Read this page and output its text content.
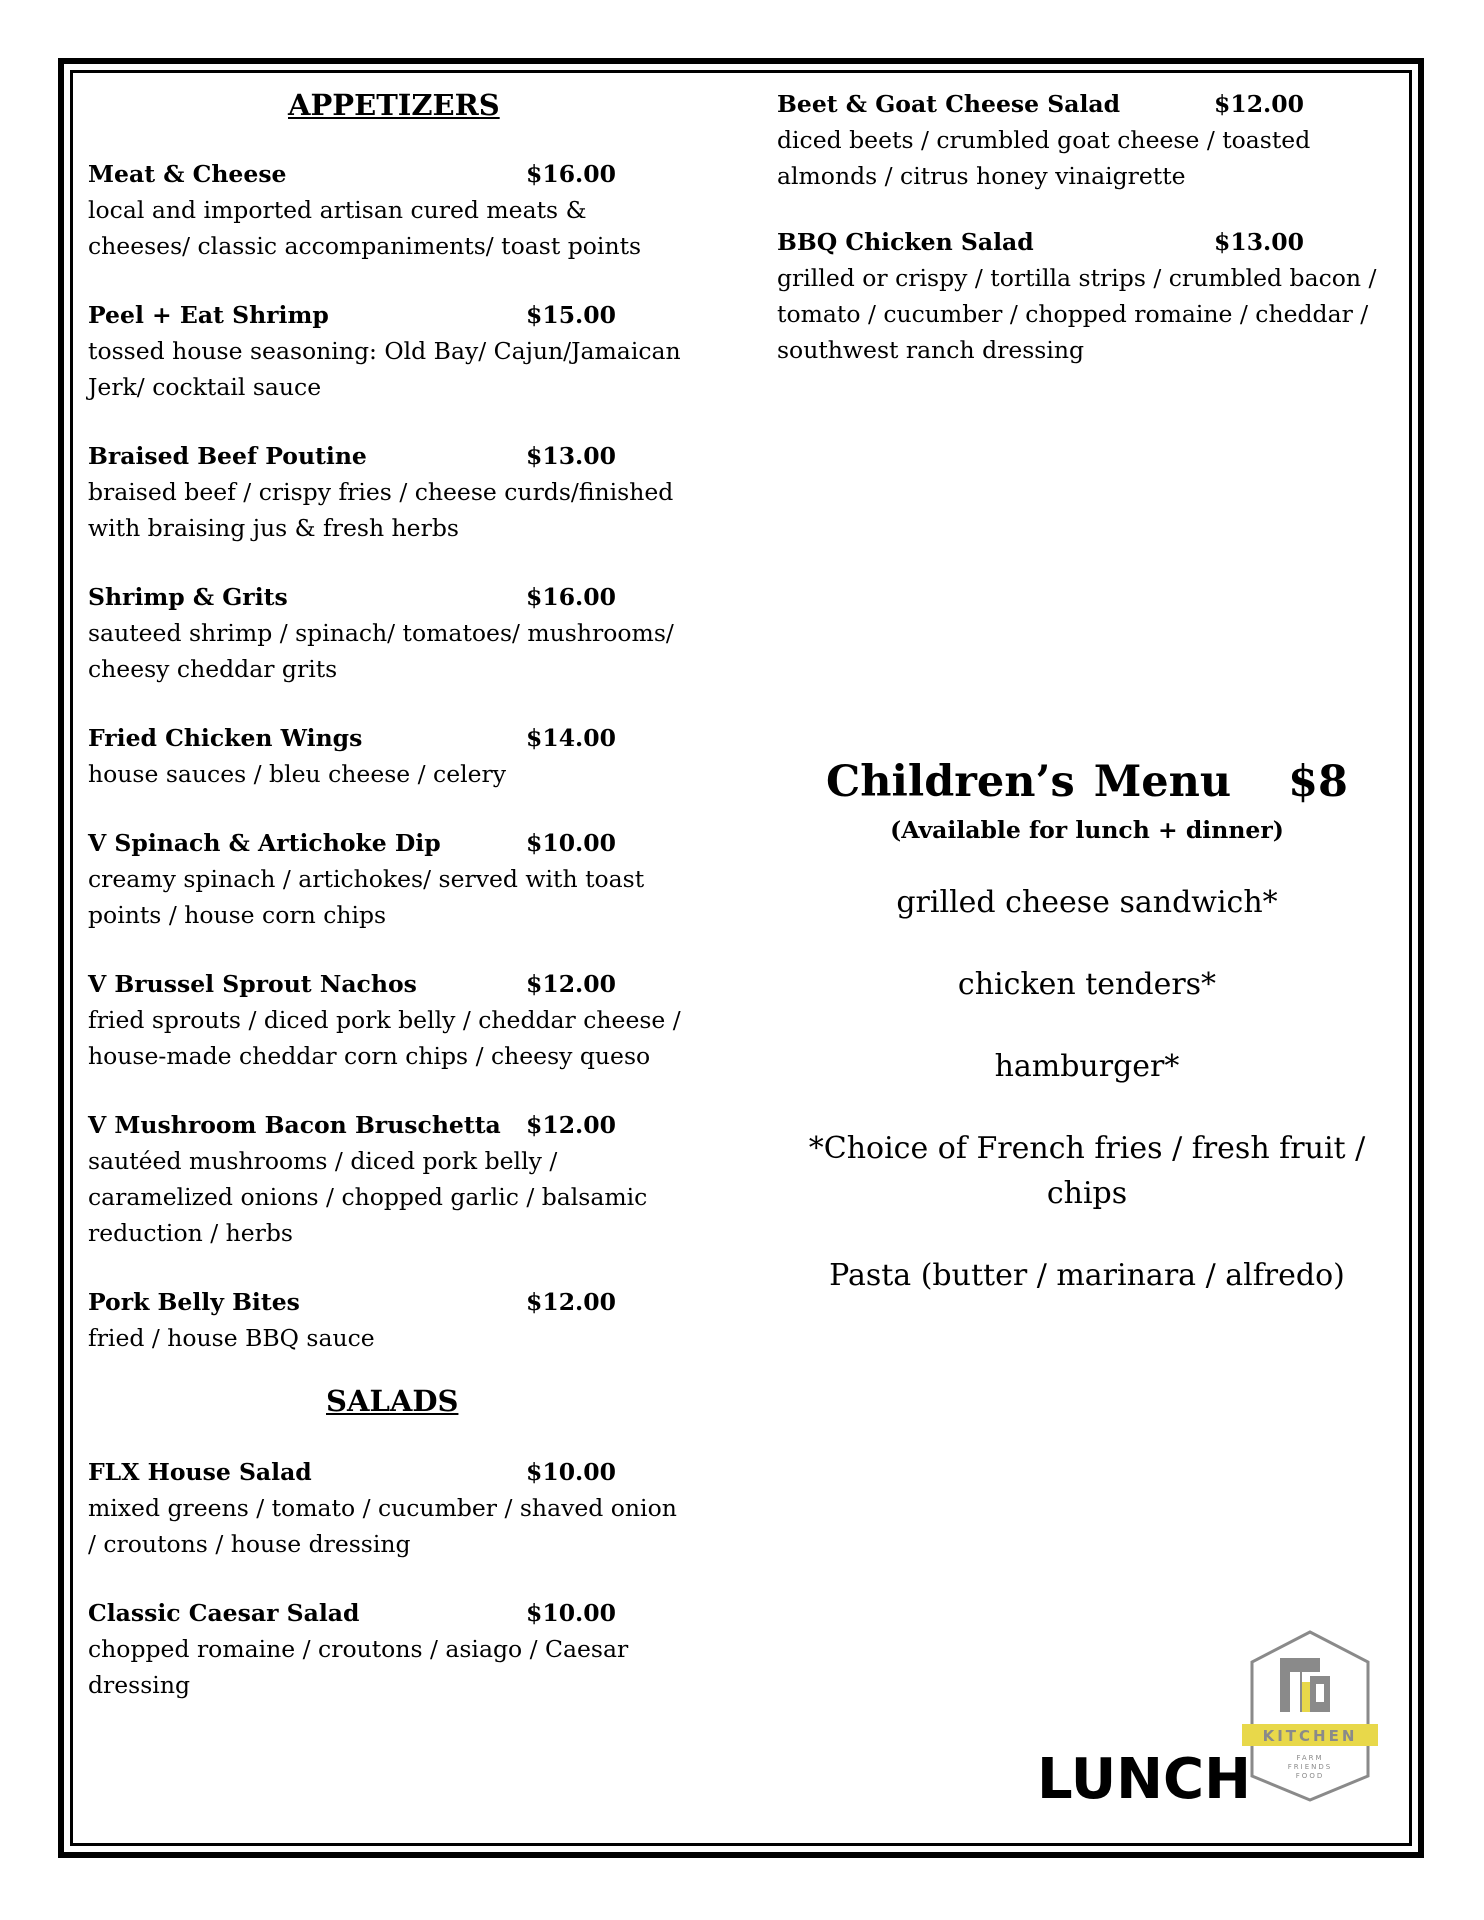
APPETIZERS
Meat & Cheese	$16.00
local and imported artisan cured meats & cheeses/ classic accompaniments/ toast points
Peel + Eat Shrimp	$15.00
tossed house seasoning: Old Bay/ Cajun/Jamaican Jerk/ cocktail sauce
Braised Beef Poutine	$13.00
braised beef / crispy fries / cheese curds/finished with braising jus & fresh herbs
Shrimp & Grits	$16.00
sauteed shrimp / spinach/ tomatoes/ mushrooms/ cheesy cheddar grits
Fried Chicken Wings	$14.00
house sauces / bleu cheese / celery
V Spinach & Artichoke Dip	$10.00
creamy spinach / artichokes/ served with toast points / house corn chips
V Brussel Sprout Nachos	$12.00
fried sprouts / diced pork belly / cheddar cheese / house-made cheddar corn chips / cheesy queso
V Mushroom Bacon Bruschetta	$12.00
sautéed mushrooms / diced pork belly / caramelized onions / chopped garlic / balsamic reduction / herbs
Pork Belly Bites	$12.00
fried / house BBQ sauce
SALADS
FLX House Salad	$10.00
mixed greens / tomato / cucumber / shaved onion / croutons / house dressing
Classic Caesar Salad	$10.00
chopped romaine / croutons / asiago / Caesar dressing
Beet & Goat Cheese Salad	$12.00
diced beets / crumbled goat cheese / toasted almonds / citrus honey vinaigrette
BBQ Chicken Salad	$13.00
grilled or crispy / tortilla strips / crumbled bacon / tomato / cucumber / chopped romaine / cheddar / southwest ranch dressing
Children’s Menu $8
(Available for lunch + dinner)
grilled cheese sandwich*
chicken tenders*
hamburger*
*Choice of French fries / fresh fruit / chips
Pasta (butter / marinara / alfredo)
LUNCH
KITCHEN
FARM
FRIENDS
FOOD
